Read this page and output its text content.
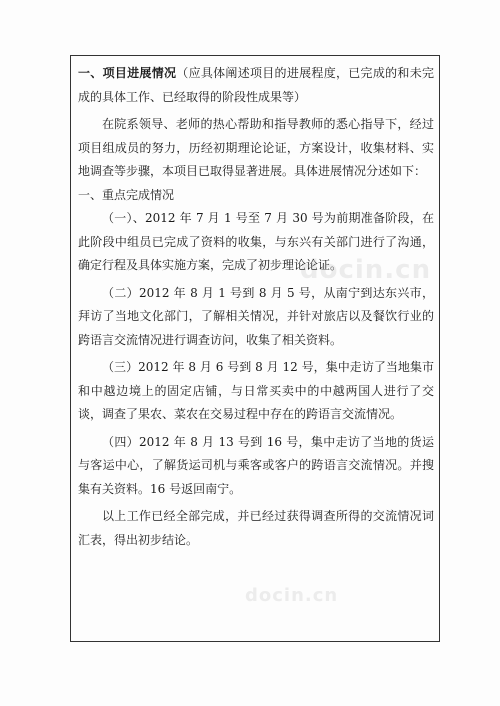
一、项目进展情况（应具体阐述项目的进展程度，已完成的和未完成的具体工作、已经取得的阶段性成果等）

在院系领导、老师的热心帮助和指导教师的悉心指导下，经过项目组成员的努力，历经初期理论论证，方案设计，收集材料、实地调查等步骤，本项目已取得显著进展。具体进展情况分述如下：

一、重点完成情况

（一）、2012 年 7 月 1 号至 7 月 30 号为前期准备阶段，在此阶段中组员已完成了资料的收集，与东兴有关部门进行了沟通，确定行程及具体实施方案，完成了初步理论论证。

（二）2012 年 8 月 1 号到 8 月 5 号，从南宁到达东兴市，拜访了当地文化部门，了解相关情况，并针对旅店以及餐饮行业的跨语言交流情况进行调查访问，收集了相关资料。

（三）2012 年 8 月 6 号到 8 月 12 号，集中走访了当地集市和中越边境上的固定店铺，与日常买卖中的中越两国人进行了交谈，调查了果农、菜农在交易过程中存在的跨语言交流情况。

（四）2012 年 8 月 13 号到 16 号，集中走访了当地的货运与客运中心，了解货运司机与乘客或客户的跨语言交流情况。并搜集有关资料。16 号返回南宁。

以上工作已经全部完成，并已经过获得调查所得的交流情况词汇表，得出初步结论。

docin.cn
docin.cn
